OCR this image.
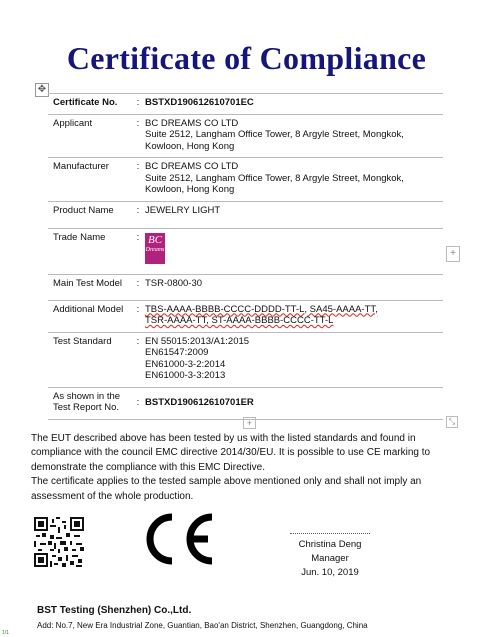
Certificate of Compliance
✥
Certificate No.	:	BSTXD190612610701EC
Applicant	:	BC DREAMS CO LTD
Suite 2512, Langham Office Tower, 8 Argyle Street, Mongkok,
Kowloon, Hong Kong

Manufacturer	:	BC DREAMS CO LTD
Suite 2512, Langham Office Tower, 8 Argyle Street, Mongkok,
Kowloon, Hong Kong

Product Name	:	JEWELRY LIGHT
Trade Name	:	BC
Dreams

Main Test Model	:	TSR-0800-30
Additional Model	:	TBS-AAAA-BBBB-CCCC-DDDD-TT-L, SA45-AAAA-TT,
TSR-AAAA-TT, ST-AAAA-BBBB-CCCC-TT-L

Test Standard	:	EN 55015:2013/A1:2015
EN61547:2009
EN61000-3-2:2014
EN61000-3-3:2013

As shown in the
Test Report No.	:	BSTXD190612610701ER
+
+	⤡

The EUT described above has been tested by us with the listed standards and found in compliance with the council EMC directive 2014/30/EU. It is possible to use CE marking to demonstrate the compliance with this EMC Directive.

The certificate applies to the tested sample above mentioned only and shall not imply an assessment of the whole production.

Christina Deng
Manager
Jun. 10, 2019
BST Testing (Shenzhen) Co.,Ltd.
Add: No.7, New Era Industrial Zone, Guantian, Bao'an District, Shenzhen, Guangdong, China
1/1
